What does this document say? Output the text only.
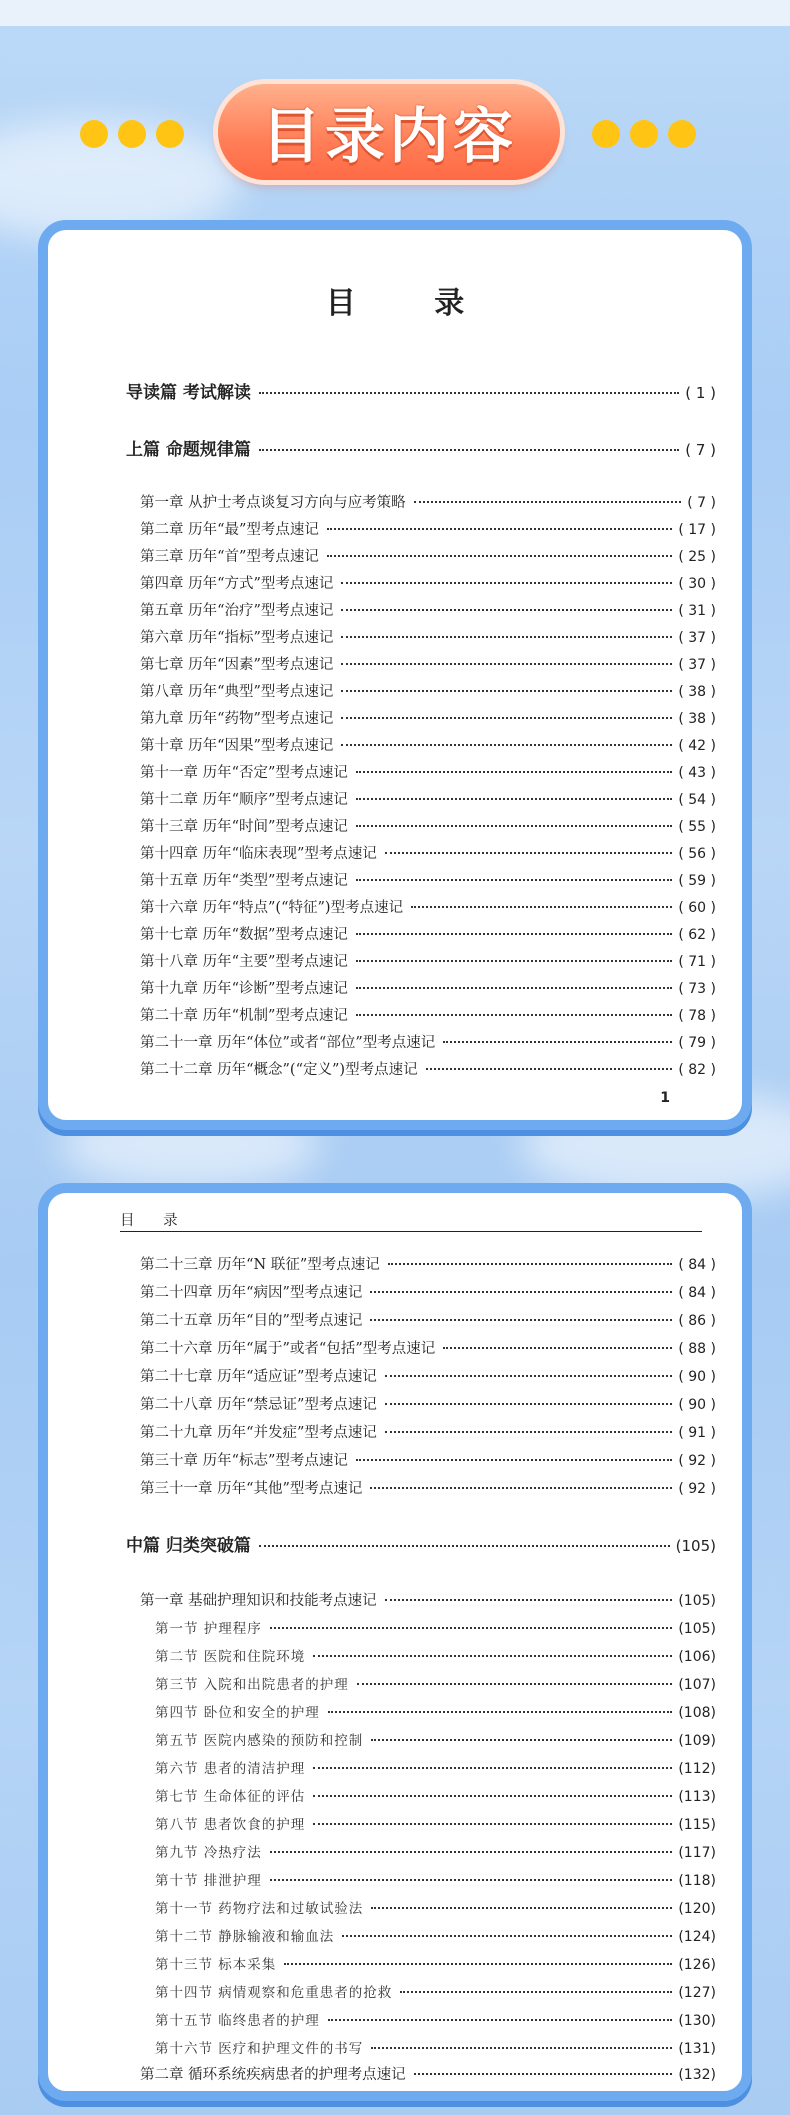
目录内容
目 录
导读篇 考试解读	( 1 )
上篇 命题规律篇	( 7 )
第一章 从护士考点谈复习方向与应考策略	( 7 )
第二章 历年“最”型考点速记	( 17 )
第三章 历年“首”型考点速记	( 25 )
第四章 历年“方式”型考点速记	( 30 )
第五章 历年“治疗”型考点速记	( 31 )
第六章 历年“指标”型考点速记	( 37 )
第七章 历年“因素”型考点速记	( 37 )
第八章 历年“典型”型考点速记	( 38 )
第九章 历年“药物”型考点速记	( 38 )
第十章 历年“因果”型考点速记	( 42 )
第十一章 历年“否定”型考点速记	( 43 )
第十二章 历年“顺序”型考点速记	( 54 )
第十三章 历年“时间”型考点速记	( 55 )
第十四章 历年“临床表现”型考点速记	( 56 )
第十五章 历年“类型”型考点速记	( 59 )
第十六章 历年“特点”(“特征”)型考点速记	( 60 )
第十七章 历年“数据”型考点速记	( 62 )
第十八章 历年“主要”型考点速记	( 71 )
第十九章 历年“诊断”型考点速记	( 73 )
第二十章 历年“机制”型考点速记	( 78 )
第二十一章 历年“体位”或者“部位”型考点速记	( 79 )
第二十二章 历年“概念”(“定义”)型考点速记	( 82 )
1
目 录
第二十三章 历年“N 联征”型考点速记	( 84 )
第二十四章 历年“病因”型考点速记	( 84 )
第二十五章 历年“目的”型考点速记	( 86 )
第二十六章 历年“属于”或者“包括”型考点速记	( 88 )
第二十七章 历年“适应证”型考点速记	( 90 )
第二十八章 历年“禁忌证”型考点速记	( 90 )
第二十九章 历年“并发症”型考点速记	( 91 )
第三十章 历年“标志”型考点速记	( 92 )
第三十一章 历年“其他”型考点速记	( 92 )
中篇 归类突破篇	(105)
第一章 基础护理知识和技能考点速记	(105)
第一节 护理程序	(105)
第二节 医院和住院环境	(106)
第三节 入院和出院患者的护理	(107)
第四节 卧位和安全的护理	(108)
第五节 医院内感染的预防和控制	(109)
第六节 患者的清洁护理	(112)
第七节 生命体征的评估	(113)
第八节 患者饮食的护理	(115)
第九节 冷热疗法	(117)
第十节 排泄护理	(118)
第十一节 药物疗法和过敏试验法	(120)
第十二节 静脉输液和输血法	(124)
第十三节 标本采集	(126)
第十四节 病情观察和危重患者的抢救	(127)
第十五节 临终患者的护理	(130)
第十六节 医疗和护理文件的书写	(131)
第二章 循环系统疾病患者的护理考点速记	(132)
